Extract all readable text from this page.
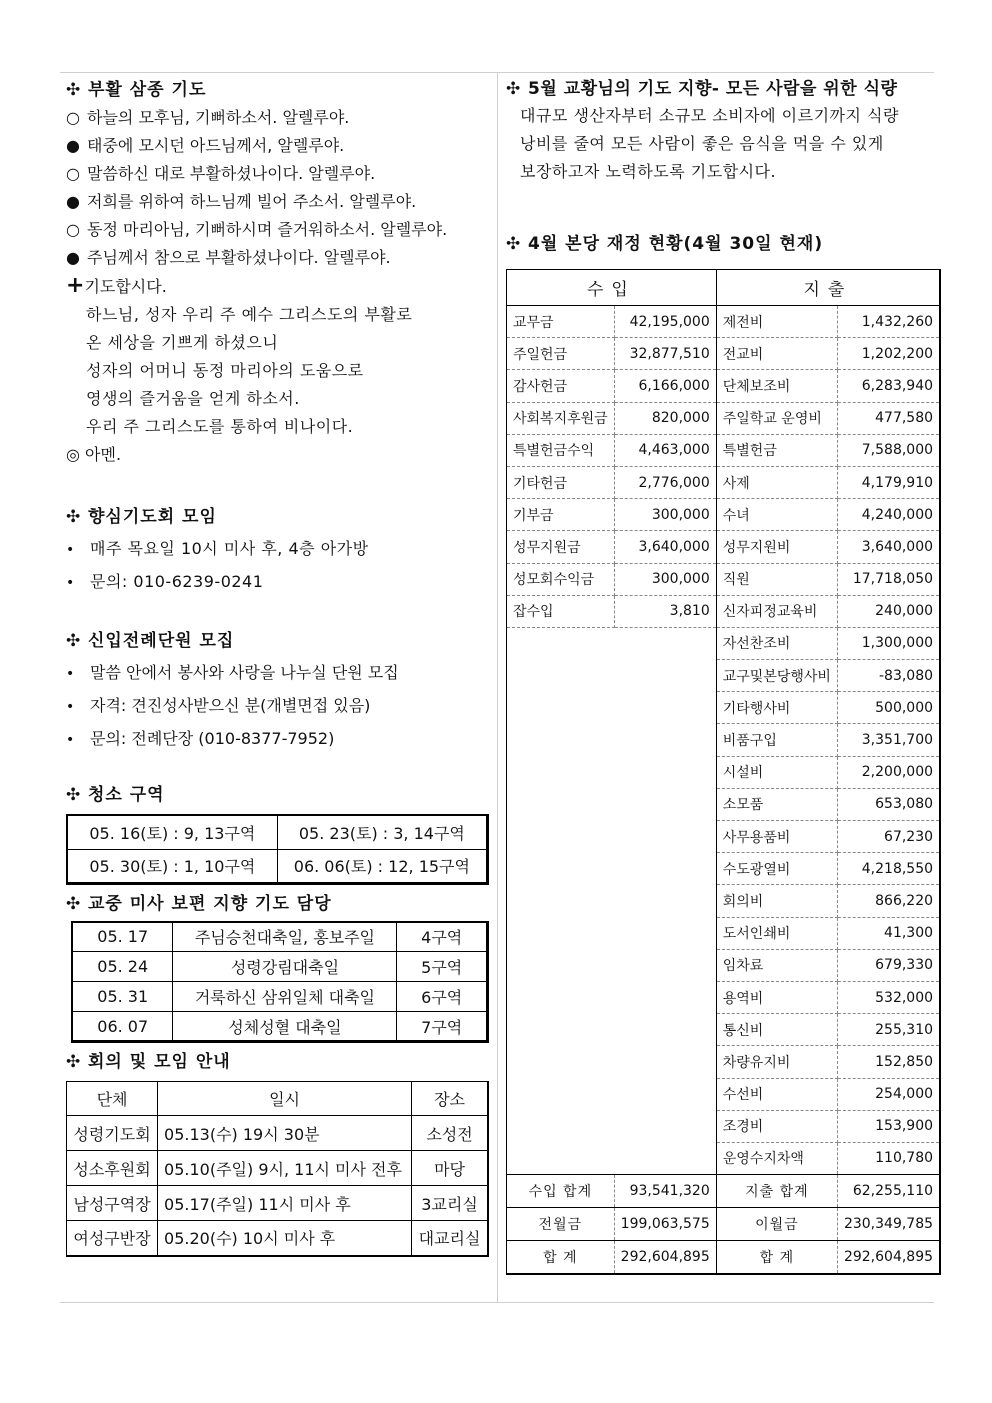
✣ 부활 삼종 기도
○ 하늘의 모후님, 기뻐하소서. 알렐루야.
● 태중에 모시던 아드님께서, 알렐루야.
○ 말씀하신 대로 부활하셨나이다. 알렐루야.
● 저희를 위하여 하느님께 빌어 주소서. 알렐루야.
○ 동정 마리아님, 기뻐하시며 즐거워하소서. 알렐루야.
● 주님께서 참으로 부활하셨나이다. 알렐루야.
+기도합시다.
하느님, 성자 우리 주 예수 그리스도의 부활로
온 세상을 기쁘게 하셨으니
성자의 어머니 동정 마리아의 도움으로
영생의 즐거움을 얻게 하소서.
우리 주 그리스도를 통하여 비나이다.
◎ 아멘.
✣ 향심기도회 모임
• 매주 목요일 10시 미사 후, 4층 아가방
• 문의: 010-6239-0241
✣ 신입전례단원 모집
• 말씀 안에서 봉사와 사랑을 나누실 단원 모집
• 자격: 견진성사받으신 분(개별면접 있음)
• 문의: 전례단장 (010-8377-7952)
✣ 청소 구역
05. 16(토) : 9, 13구역	05. 23(토) : 3, 14구역
05. 30(토) : 1, 10구역	06. 06(토) : 12, 15구역
✣ 교중 미사 보편 지향 기도 담당
05. 17	주님승천대축일, 홍보주일	4구역
05. 24	성령강림대축일	5구역
05. 31	거룩하신 삼위일체 대축일	6구역
06. 07	성체성혈 대축일	7구역
✣ 회의 및 모임 안내
단체	일시	장소
성령기도회	05.13(수) 19시 30분	소성전
성소후원회	05.10(주일) 9시, 11시 미사 전후	마당
남성구역장	05.17(주일) 11시 미사 후	3교리실
여성구반장	05.20(수) 10시 미사 후	대교리실
✣ 5월 교황님의 기도 지향- 모든 사람을 위한 식량
대규모 생산자부터 소규모 소비자에 이르기까지 식량
낭비를 줄여 모든 사람이 좋은 음식을 먹을 수 있게
보장하고자 노력하도록 기도합시다.
✣ 4월 본당 재정 현황(4월 30일 현재)
수입		지출	
교무금	42,195,000	제전비	1,432,260
주일헌금	32,877,510	전교비	1,202,200
감사헌금	6,166,000	단체보조비	6,283,940
사회복지후원금	820,000	주일학교 운영비	477,580
특별헌금수익	4,463,000	특별헌금	7,588,000
기타헌금	2,776,000	사제	4,179,910
기부금	300,000	수녀	4,240,000
성무지원금	3,640,000	성무지원비	3,640,000
성모회수익금	300,000	직원	17,718,050
잡수입	3,810	신자피정교육비	240,000
		자선찬조비	1,300,000
		교구및본당행사비	-83,080
		기타행사비	500,000
		비품구입	3,351,700
		시설비	2,200,000
		소모품	653,080
		사무용품비	67,230
		수도광열비	4,218,550
		회의비	866,220
		도서인쇄비	41,300
		임차료	679,330
		용역비	532,000
		통신비	255,310
		차량유지비	152,850
		수선비	254,000
		조경비	153,900
		운영수지차액	110,780
수입 합계	93,541,320	지출 합계	62,255,110
전월금	199,063,575	이월금	230,349,785
합 계	292,604,895	합 계	292,604,895
